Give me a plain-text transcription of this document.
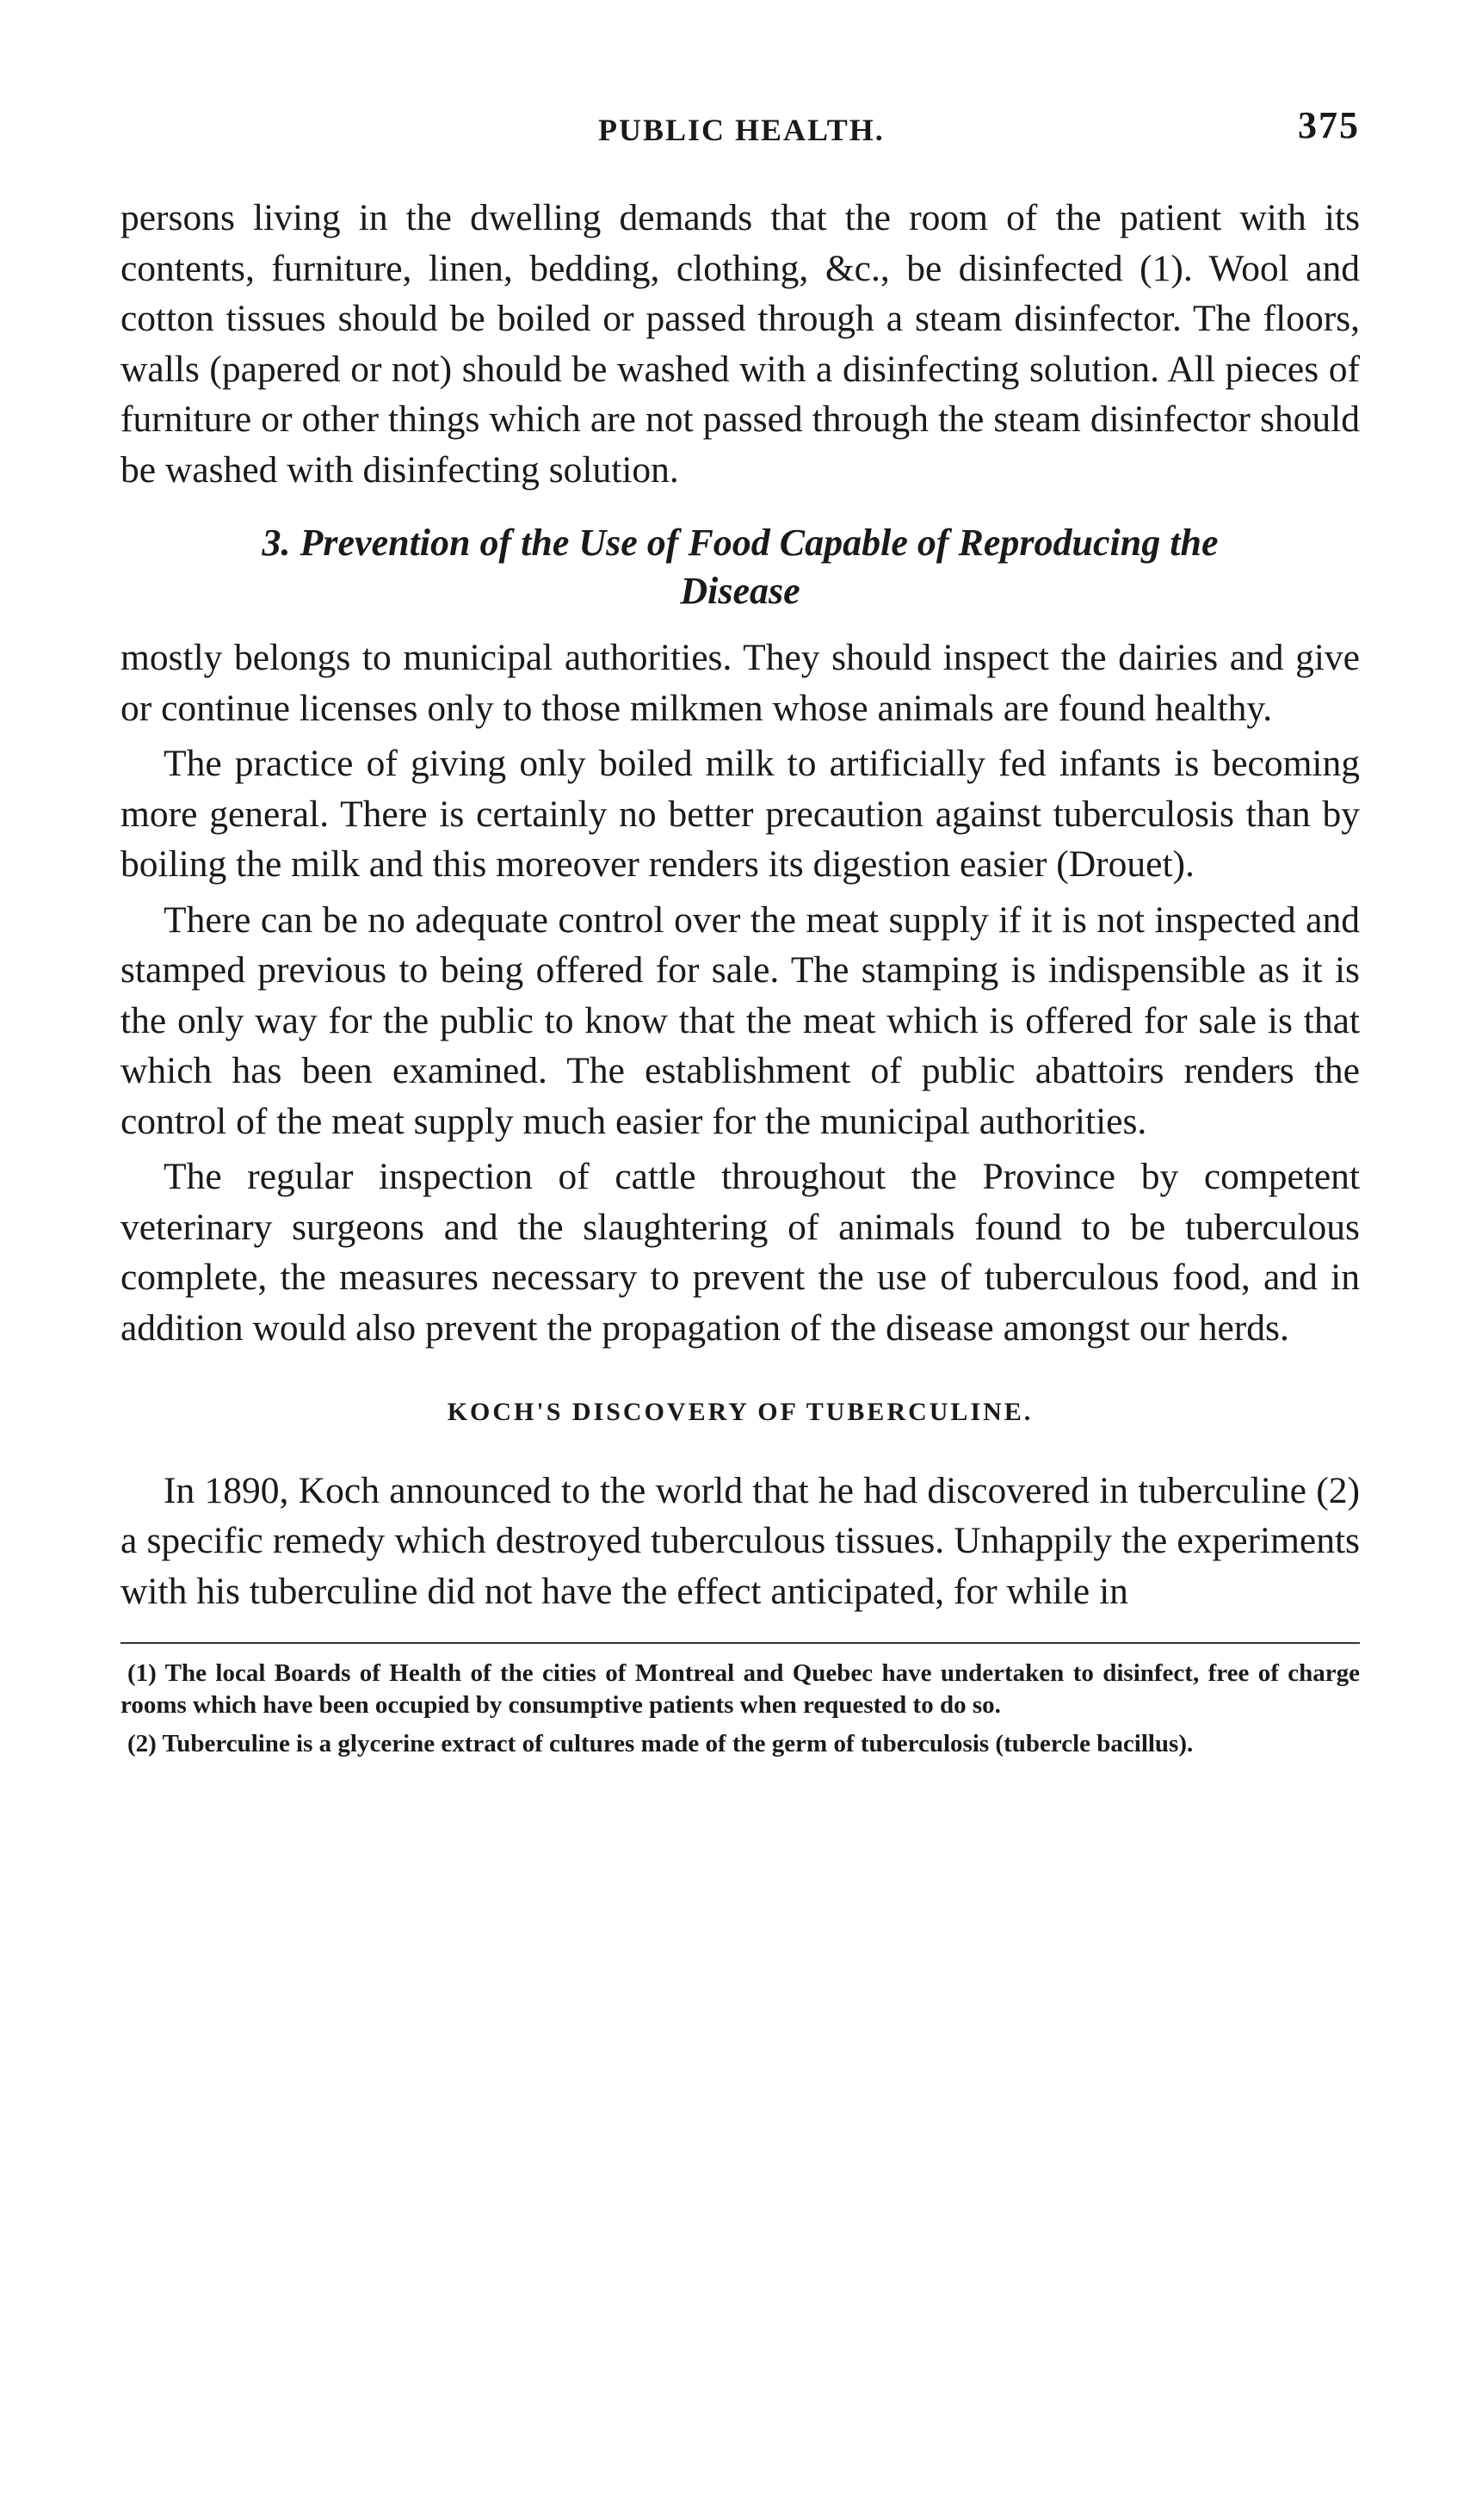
PUBLIC HEALTH.	375

persons living in the dwelling demands that the room of the patient with its contents, furniture, linen, bedding, clothing, &c., be disinfected (1). Wool and cotton tissues should be boiled or passed through a steam disinfector. The floors, walls (papered or not) should be washed with a disinfecting solution. All pieces of furniture or other things which are not passed through the steam disinfector should be washed with disinfecting solution.

3. Prevention of the Use of Food Capable of Reproducing the
Disease

mostly belongs to municipal authorities. They should inspect the dairies and give or continue licenses only to those milkmen whose animals are found healthy.

The practice of giving only boiled milk to artificially fed infants is becoming more general. There is certainly no better precaution against tuberculosis than by boiling the milk and this moreover renders its digestion easier (Drouet).

There can be no adequate control over the meat supply if it is not inspected and stamped previous to being offered for sale. The stamping is indispensible as it is the only way for the public to know that the meat which is offered for sale is that which has been examined. The establishment of public abattoirs renders the control of the meat supply much easier for the municipal authorities.

The regular inspection of cattle throughout the Province by competent veterinary surgeons and the slaughtering of animals found to be tuberculous complete, the measures necessary to prevent the use of tuberculous food, and in addition would also prevent the propagation of the disease amongst our herds.

KOCH'S DISCOVERY OF TUBERCULINE.

In 1890, Koch announced to the world that he had discovered in tuberculine (2) a specific remedy which destroyed tuberculous tissues. Unhappily the experiments with his tuberculine did not have the effect anticipated, for while in

(1) The local Boards of Health of the cities of Montreal and Quebec have undertaken to disinfect, free of charge rooms which have been occupied by consumptive patients when requested to do so.

(2) Tuberculine is a glycerine extract of cultures made of the germ of tuberculosis (tubercle bacillus).
